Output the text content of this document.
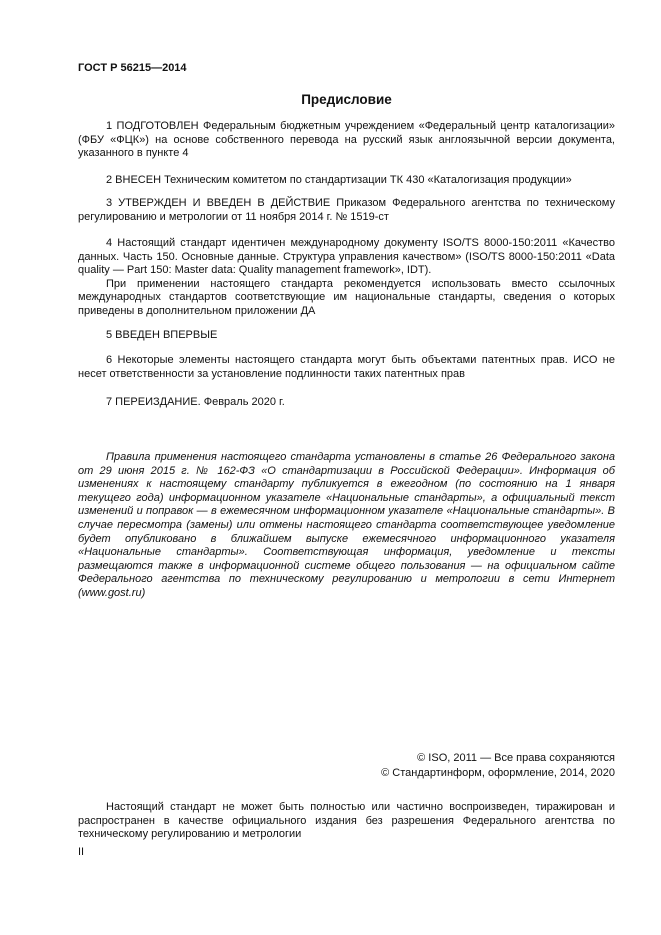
ГОСТ Р 56215—2014
Предисловие
1 ПОДГОТОВЛЕН Федеральным бюджетным учреждением «Федеральный центр каталогизации» (ФБУ «ФЦК») на основе собственного перевода на русский язык англоязычной версии документа, указанного в пункте 4
2 ВНЕСЕН Техническим комитетом по стандартизации ТК 430 «Каталогизация продукции»
3 УТВЕРЖДЕН И ВВЕДЕН В ДЕЙСТВИЕ Приказом Федерального агентства по техническому регулированию и метрологии от 11 ноября 2014 г. № 1519-ст

4 Настоящий стандарт идентичен международному документу ISO/TS 8000-150:2011 «Качество данных. Часть 150. Основные данные. Структура управления качеством» (ISO/TS 8000-150:2011 «Data quality — Part 150: Master data: Quality management framework», IDT).

При применении настоящего стандарта рекомендуется использовать вместо ссылочных международных стандартов соответствующие им национальные стандарты, сведения о которых приведены в дополнительном приложении ДА

5 ВВЕДЕН ВПЕРВЫЕ
6 Некоторые элементы настоящего стандарта могут быть объектами патентных прав. ИСО не несет ответственности за установление подлинности таких патентных прав
7 ПЕРЕИЗДАНИЕ. Февраль 2020 г.
Правила применения настоящего стандарта установлены в статье 26 Федерального закона от 29 июня 2015 г. № 162-ФЗ «О стандартизации в Российской Федерации». Информация об изменениях к настоящему стандарту публикуется в ежегодном (по состоянию на 1 января текущего года) информационном указателе «Национальные стандарты», а официальный текст изменений и поправок — в ежемесячном информационном указателе «Национальные стандарты». В случае пересмотра (замены) или отмены настоящего стандарта соответствующее уведомление будет опубликовано в ближайшем выпуске ежемесячного информационного указателя «Национальные стандарты». Соответствующая информация, уведомление и тексты размещаются также в информационной системе общего пользования — на официальном сайте Федерального агентства по техническому регулированию и метрологии в сети Интернет (www.gost.ru)
© ISO, 2011 — Все права сохраняются
© Стандартинформ, оформление, 2014, 2020
Настоящий стандарт не может быть полностью или частично воспроизведен, тиражирован и распространен в качестве официального издания без разрешения Федерального агентства по техническому регулированию и метрологии
II
